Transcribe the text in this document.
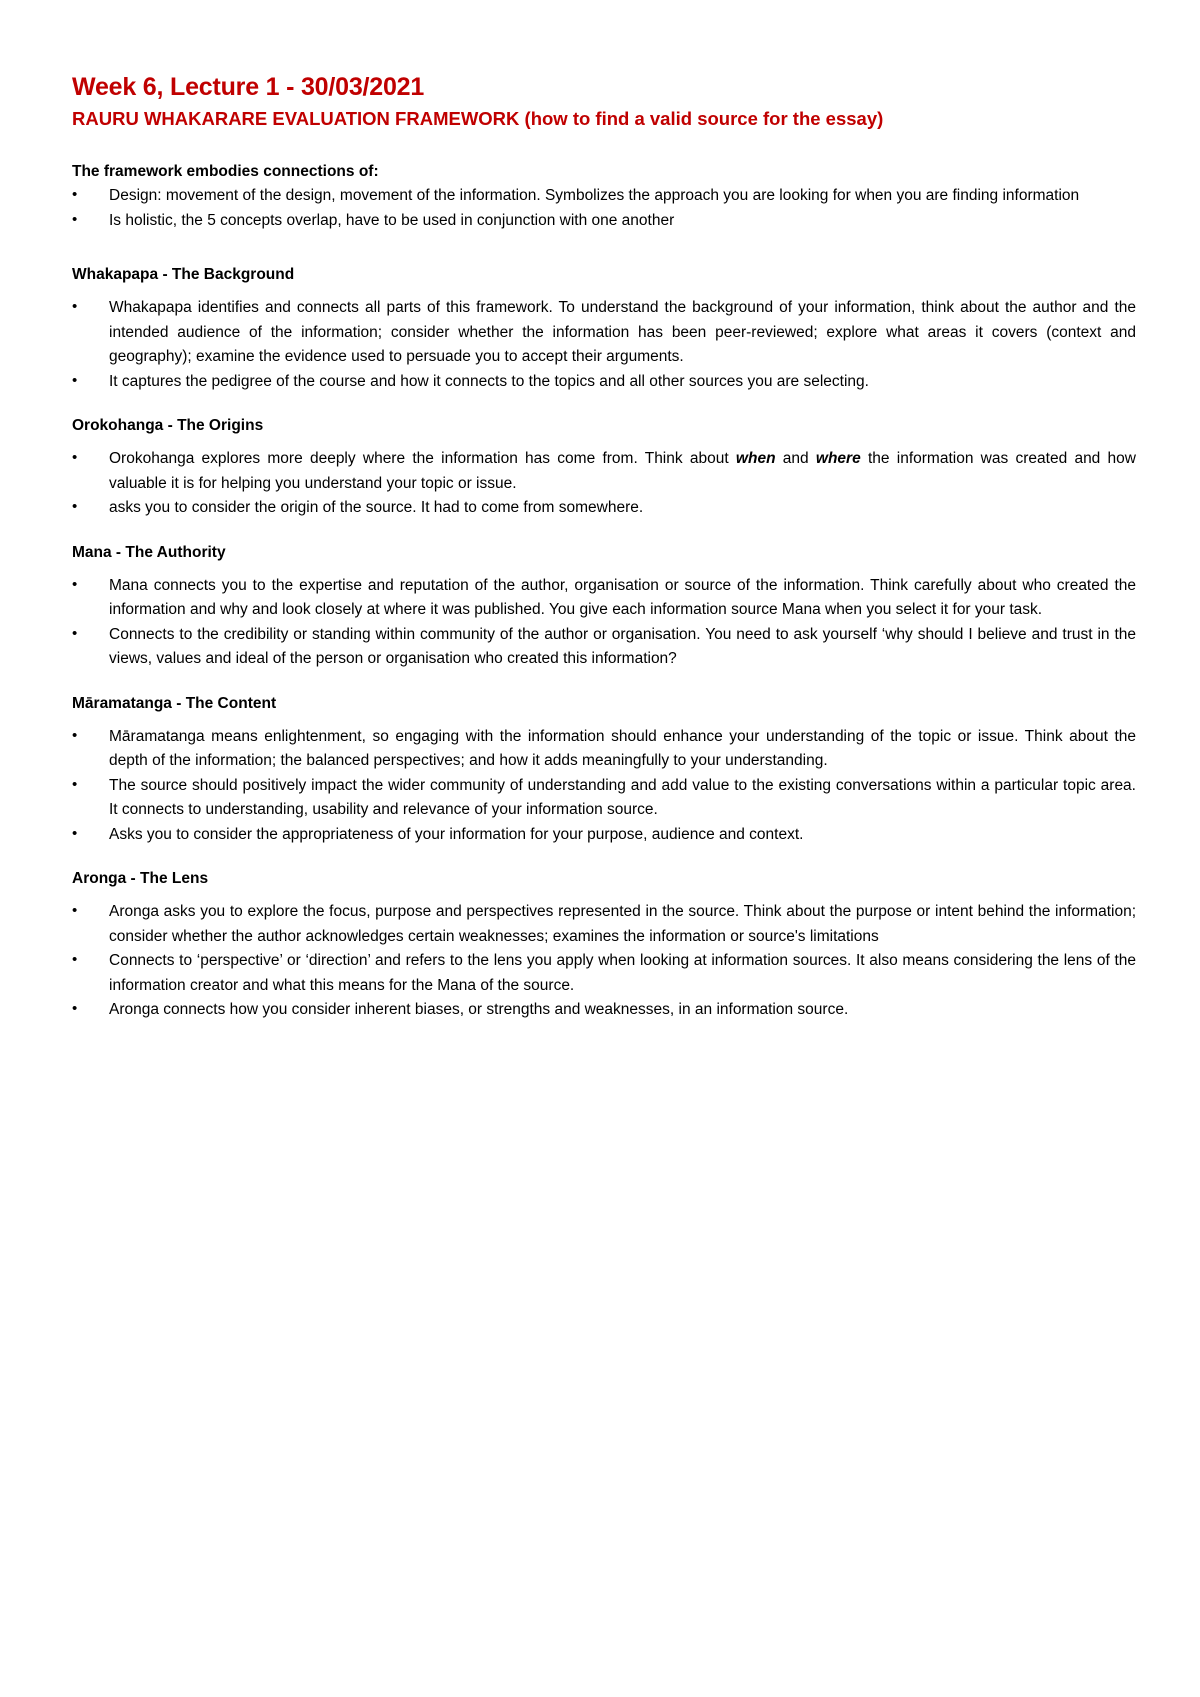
Week 6, Lecture 1 - 30/03/2021
RAURU WHAKARARE EVALUATION FRAMEWORK (how to find a valid source for the essay)

The framework embodies connections of:

•	Design: movement of the design, movement of the information. Symbolizes the approach you are looking for when you are finding information
•	Is holistic, the 5 concepts overlap, have to be used in conjunction with one another

Whakapapa - The Background

•	Whakapapa identifies and connects all parts of this framework. To understand the background of your information, think about the author and the intended audience of the information; consider whether the information has been peer-reviewed; explore what areas it covers (context and geography); examine the evidence used to persuade you to accept their arguments.
•	It captures the pedigree of the course and how it connects to the topics and all other sources you are selecting.

Orokohanga - The Origins

•	Orokohanga explores more deeply where the information has come from. Think about when and where the information was created and how valuable it is for helping you understand your topic or issue.
•	asks you to consider the origin of the source. It had to come from somewhere.

Mana - The Authority

•	Mana connects you to the expertise and reputation of the author, organisation or source of the information. Think carefully about who created the information and why and look closely at where it was published. You give each information source Mana when you select it for your task.
•	Connects to the credibility or standing within community of the author or organisation. You need to ask yourself ‘why should I believe and trust in the views, values and ideal of the person or organisation who created this information?

Māramatanga - The Content

•	Māramatanga means enlightenment, so engaging with the information should enhance your understanding of the topic or issue. Think about the depth of the information; the balanced perspectives; and how it adds meaningfully to your understanding.
•	The source should positively impact the wider community of understanding and add value to the existing conversations within a particular topic area. It connects to understanding, usability and relevance of your information source.
•	Asks you to consider the appropriateness of your information for your purpose, audience and context.

Aronga - The Lens

•	Aronga asks you to explore the focus, purpose and perspectives represented in the source. Think about the purpose or intent behind the information; consider whether the author acknowledges certain weaknesses; examines the information or source's limitations
•	Connects to ‘perspective’ or ‘direction’ and refers to the lens you apply when looking at information sources. It also means considering the lens of the information creator and what this means for the Mana of the source.
•	Aronga connects how you consider inherent biases, or strengths and weaknesses, in an information source.
